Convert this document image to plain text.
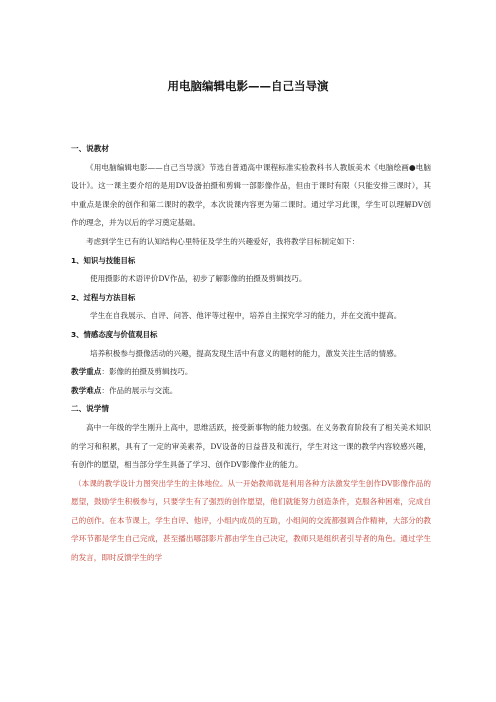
用电脑编辑电影——自己当导演
一、说教材

《用电脑编辑电影——自己当导演》节选自普通高中课程标准实验教科书人教版美术《电脑绘画●电脑设计》。这一课主要介绍的是用DV设备拍摄和剪辑一部影像作品，但由于课时有限（只能安排三课时），其中重点是课余的创作和第二课时的教学，本次说课内容更为第二课时。通过学习此课，学生可以理解DV创作的理念，并为以后的学习奠定基础。

考虑到学生已有的认知结构心里特征及学生的兴趣爱好，我将教学目标制定如下：

1、知识与技能目标

使用摄影的术语评价DV作品，初步了解影像的拍摄及剪辑技巧。

2、过程与方法目标

学生在自我展示、自评、问答、他评等过程中，培养自主探究学习的能力，并在交流中提高。

3、情感态度与价值观目标

培养积极参与摄像活动的兴趣，提高发现生活中有意义的题材的能力，激发关注生活的情感。

教学重点：影像的拍摄及剪辑技巧。

教学难点：作品的展示与交流。

二、说学情

高中一年级的学生刚升上高中，思维活跃，接受新事物的能力较强。在义务教育阶段有了相关美术知识的学习和积累，具有了一定的审美素养，DV设备的日益普及和流行，学生对这一课的教学内容较感兴趣，有创作的愿望，相当部分学生具备了学习、创作DV影像作业的能力。

（本课的教学设计力图突出学生的主体地位。从一开始教师就是利用各种方法激发学生创作DV影像作品的愿望，鼓励学生积极参与，只要学生有了强烈的创作愿望，他们就能努力创造条件，克服各种困难，完成自己的创作。在本节课上，学生自评、他评，小组内成员的互助，小组间的交流都强调合作精神，大部分的教学环节都是学生自己完成，甚至播出哪部影片都由学生自己决定，教师只是组织者引导者的角色。通过学生的发言，即时反馈学生的学
